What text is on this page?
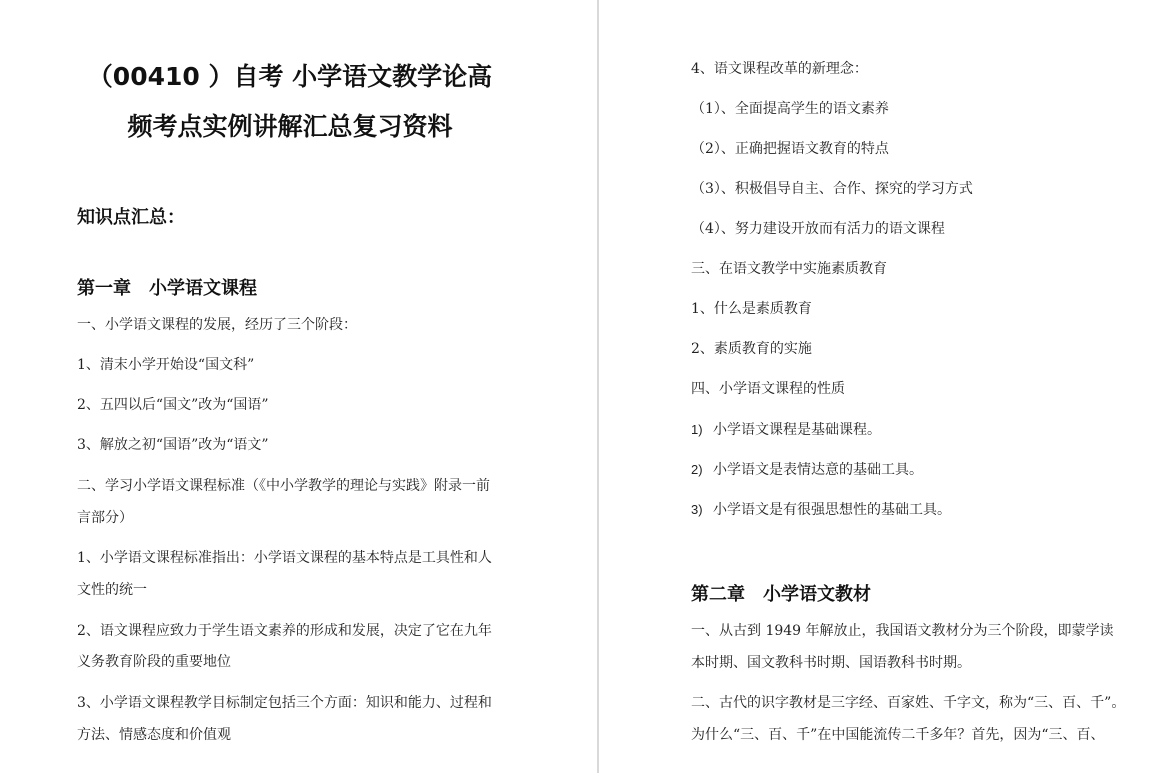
（00410 ）自考 小学语文教学论高
频考点实例讲解汇总复习资料
知识点汇总：
第一章　小学语文课程
一、小学语文课程的发展，经历了三个阶段：
1、清末小学开始设“国文科”
2、五四以后“国文”改为“国语”
3、解放之初“国语”改为“语文”
二、学习小学语文课程标准（《中小学教学的理论与实践》附录一前
言部分）
1、小学语文课程标准指出：小学语文课程的基本特点是工具性和人
文性的统一
2、语文课程应致力于学生语文素养的形成和发展，决定了它在九年
义务教育阶段的重要地位
3、小学语文课程教学目标制定包括三个方面：知识和能力、过程和
方法、情感态度和价值观
4、语文课程改革的新理念：
（1）、全面提高学生的语文素养
（2）、正确把握语文教育的特点
（3）、积极倡导自主、合作、探究的学习方式
（4）、努力建设开放而有活力的语文课程
三、在语文教学中实施素质教育
1、什么是素质教育
2、素质教育的实施
四、小学语文课程的性质
1) 小学语文课程是基础课程。
2) 小学语文是表情达意的基础工具。
3) 小学语文是有很强思想性的基础工具。
第二章　小学语文教材
一、从古到 1949 年解放止，我国语文教材分为三个阶段，即蒙学读
本时期、国文教科书时期、国语教科书时期。
二、古代的识字教材是三字经、百家姓、千字文，称为“三、百、千”。
为什么“三、百、千”在中国能流传二千多年？首先，因为“三、百、
